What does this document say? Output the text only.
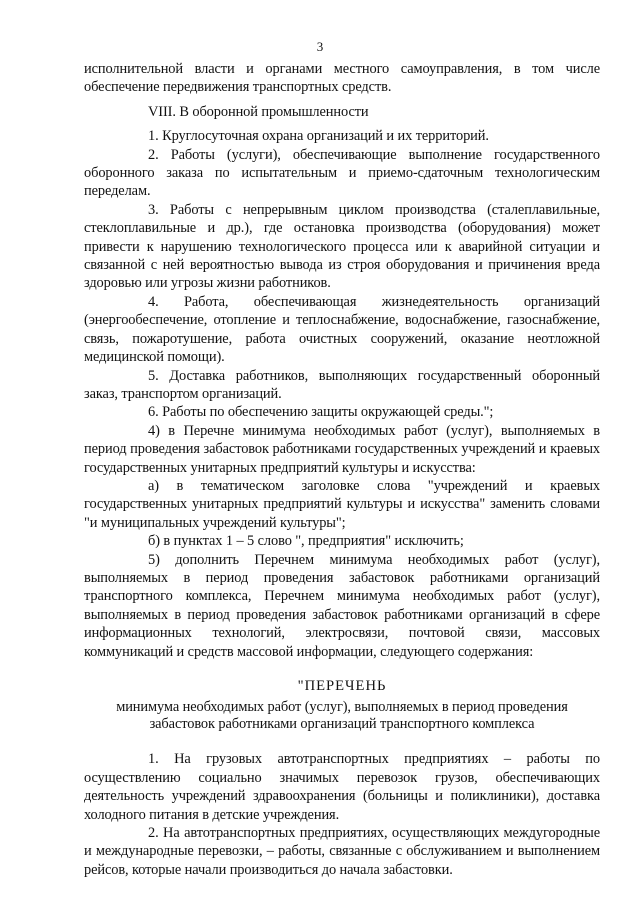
3

исполнительной власти и органами местного самоуправления, в том числе обеспечение передвижения транспортных средств.

VIII. В оборонной промышленности

1. Круглосуточная охрана организаций и их территорий.

2. Работы (услуги), обеспечивающие выполнение государственного оборонного заказа по испытательным и приемо-сдаточным технологическим переделам.

3. Работы с непрерывным циклом производства (сталеплавильные, стеклоплавильные и др.), где остановка производства (оборудования) может привести к нарушению технологического процесса или к аварийной ситуации и связанной с ней вероятностью вывода из строя оборудования и причинения вреда здоровью или угрозы жизни работников.

4. Работа, обеспечивающая жизнедеятельность организаций (энергообеспечение, отопление и теплоснабжение, водоснабжение, газоснабжение, связь, пожаротушение, работа очистных сооружений, оказание неотложной медицинской помощи).

5. Доставка работников, выполняющих государственный оборонный заказ, транспортом организаций.

6. Работы по обеспечению защиты окружающей среды.";

4) в Перечне минимума необходимых работ (услуг), выполняемых в период проведения забастовок работниками государственных учреждений и краевых государственных унитарных предприятий культуры и искусства:

а) в тематическом заголовке слова "учреждений и краевых государственных унитарных предприятий культуры и искусства" заменить словами "и муниципальных учреждений культуры";

б) в пунктах 1 – 5 слово ", предприятия" исключить;

5) дополнить Перечнем минимума необходимых работ (услуг), выполняемых в период проведения забастовок работниками организаций транспортного комплекса, Перечнем минимума необходимых работ (услуг), выполняемых в период проведения забастовок работниками организаций в сфере информационных технологий, электросвязи, почтовой связи, массовых коммуникаций и средств массовой информации, следующего содержания:

"ПЕРЕЧЕНЬ

минимума необходимых работ (услуг), выполняемых в период проведения забастовок работниками организаций транспортного комплекса

1. На грузовых автотранспортных предприятиях – работы по осуществлению социально значимых перевозок грузов, обеспечивающих деятельность учреждений здравоохранения (больницы и поликлиники), доставка холодного питания в детские учреждения.

2. На автотранспортных предприятиях, осуществляющих междугородные и международные перевозки, – работы, связанные с обслуживанием и выполнением рейсов, которые начали производиться до начала забастовки.
